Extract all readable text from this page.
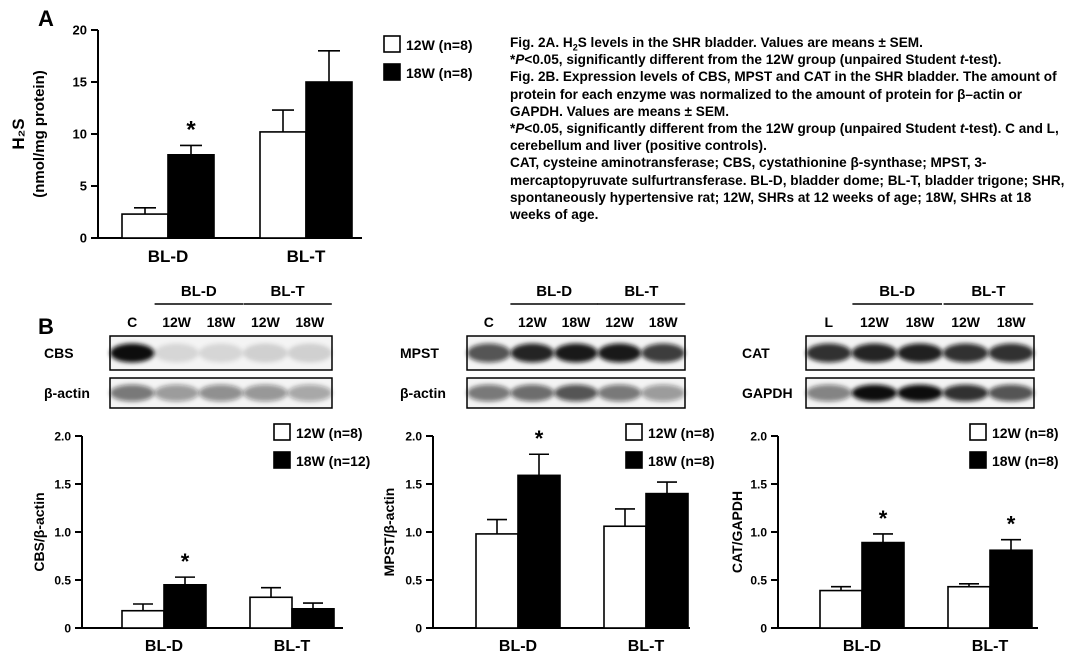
0
5
10
15
20
*
BL-D	BL-T
12W (n=8)
18W (n=8)
H₂S (nmol/mg protein)
0
0.5
1.0
1.5
2.0
*
BL-D	BL-T
CBS/β-actin
12W (n=8)
18W (n=12)
0
0.5
1.0
1.5
2.0	*
BL-D	BL-T
MPST/β-actin
12W (n=8)
18W (n=8)
0
0.5
1.0
1.5
2.0
*	*
BL-D	BL-T
CAT/GAPDH
12W (n=8)
18W (n=8)
BL-D	BL-T
C 12W 18W 12W 18W
CBS
β-actin
BL-D	BL-T
C 12W 18W 12W 18W
MPST
β-actin
BL-D	BL-T
L 12W 18W 12W 18W
CAT
GAPDH
A
B

Fig. 2A. $H_2S$ levels in the SHR bladder. Values are means ± SEM.

*P<0.05, significantly different from the 12W group (unpaired Student t-test).

Fig. 2B. Expression levels of CBS, MPST and CAT in the SHR bladder. The amount of protein for each enzyme was normalized to the amount of protein for β–actin or GAPDH. Values are means ± SEM.

*P<0.05, significantly different from the 12W group (unpaired Student t-test). C and L, cerebellum and liver (positive controls).

CAT, cysteine aminotransferase; CBS, cystathionine β-synthase; MPST, 3-mercaptopyruvate sulfurtransferase. BL-D, bladder dome; BL-T, bladder trigone; SHR, spontaneously hypertensive rat; 12W, SHRs at 12 weeks of age; 18W, SHRs at 18 weeks of age.
